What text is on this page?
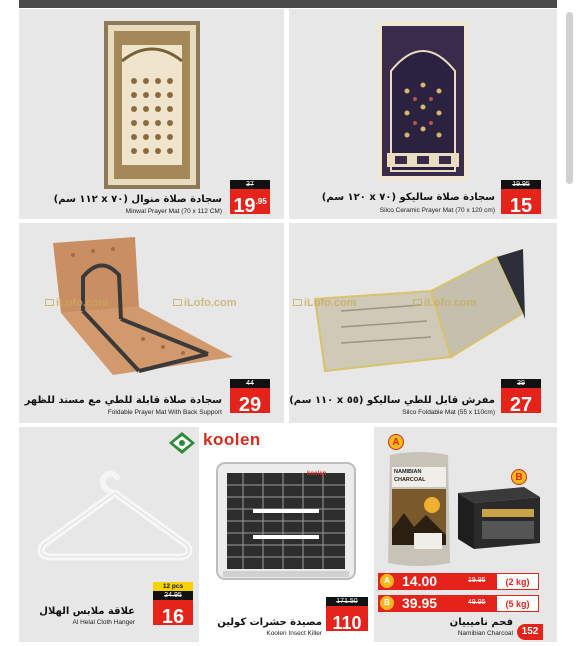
سجادة صلاة منوال (٧٠ x ١١٢ سم)
Minwal Prayer Mat (70 x 112 CM)
37
$19^{.95}$	سجادة صلاة ساليكو (٧٠ x ١٢٠ سم)
Silco Ceramic Prayer Mat (70 x 120 cm)
19.95
15
iLofo.com	iLofo.com
سجادة صلاة قابلة للطي مع مسند للظهر
Foldable Prayer Mat With Back Support
44
29
iLofo.com	iLofo.com
مفرش قابل للطي ساليكو (٥٥ x ١١٠ سم)
Silco Foldable Mat (55 x 110cm)
39
27
علاقة ملابس الهلال
Al Helal Cloth Hanger
12 pcs
24.95
16
koolen
مصيدة حشرات كولين
Koolen Insect Killer
171.50
110
koolen	A
B
NAMIBIAN
CHARCOAL
A 14.00	19.95	(2 kg)
B 39.95	49.95	(5 kg)
فحم ناميبيان
Namibian Charcoal 152
